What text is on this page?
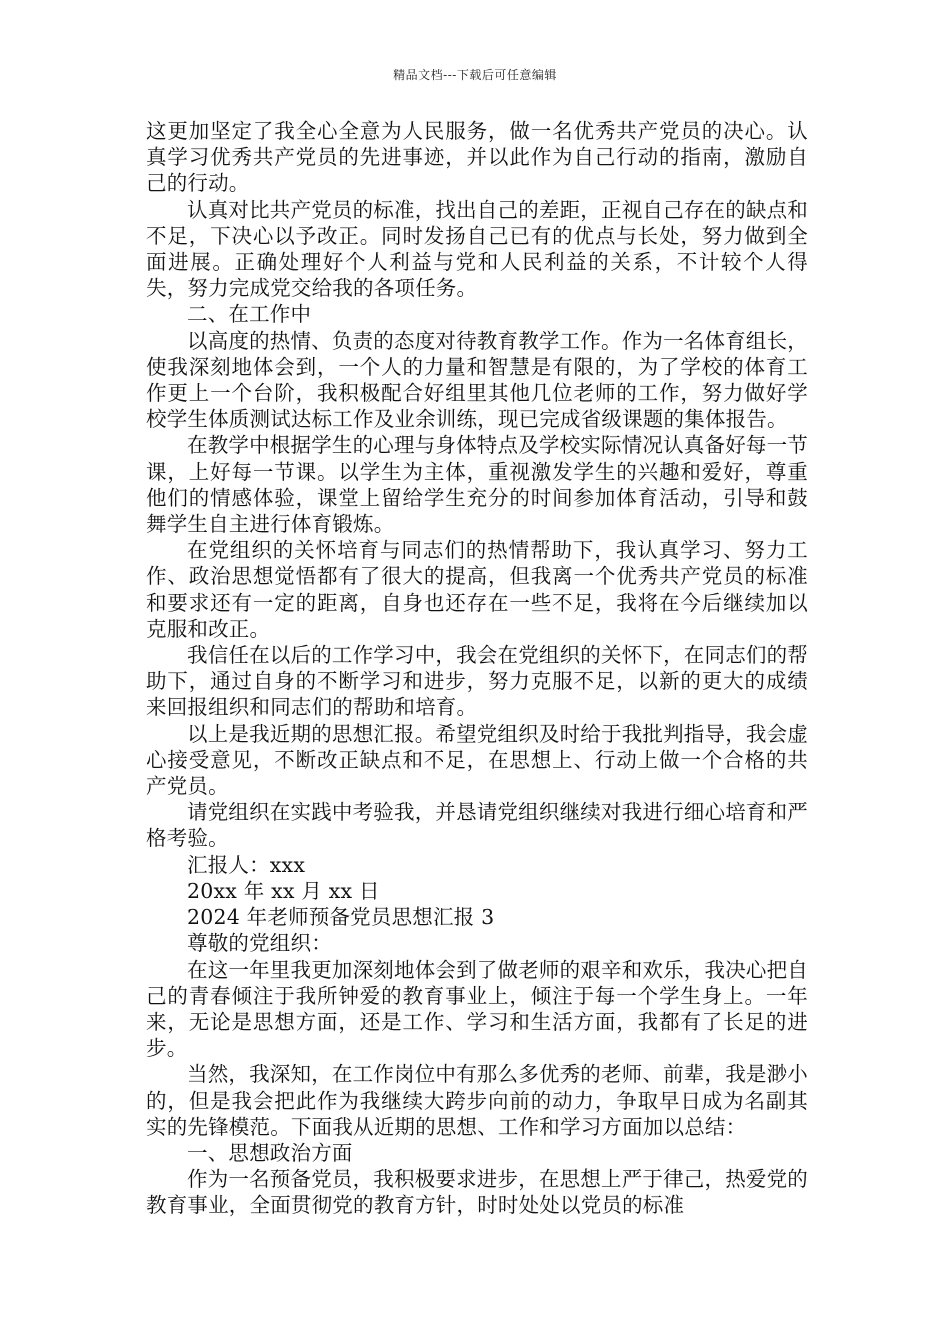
精品文档---下载后可任意编辑

这更加坚定了我全心全意为人民服务，做一名优秀共产党员的决心。认真学习优秀共产党员的先进事迹，并以此作为自己行动的指南，激励自己的行动。

认真对比共产党员的标准，找出自己的差距，正视自己存在的缺点和不足，下决心以予改正。同时发扬自己已有的优点与长处，努力做到全面进展。正确处理好个人利益与党和人民利益的关系，不计较个人得失，努力完成党交给我的各项任务。

二、在工作中

以高度的热情、负责的态度对待教育教学工作。作为一名体育组长，使我深刻地体会到，一个人的力量和智慧是有限的，为了学校的体育工作更上一个台阶，我积极配合好组里其他几位老师的工作，努力做好学校学生体质测试达标工作及业余训练，现已完成省级课题的集体报告。

在教学中根据学生的心理与身体特点及学校实际情况认真备好每一节课，上好每一节课。以学生为主体，重视激发学生的兴趣和爱好，尊重他们的情感体验，课堂上留给学生充分的时间参加体育活动，引导和鼓舞学生自主进行体育锻炼。

在党组织的关怀培育与同志们的热情帮助下，我认真学习、努力工作、政治思想觉悟都有了很大的提高，但我离一个优秀共产党员的标准和要求还有一定的距离，自身也还存在一些不足，我将在今后继续加以克服和改正。

我信任在以后的工作学习中，我会在党组织的关怀下，在同志们的帮助下，通过自身的不断学习和进步，努力克服不足，以新的更大的成绩来回报组织和同志们的帮助和培育。

以上是我近期的思想汇报。希望党组织及时给于我批判指导，我会虚心接受意见，不断改正缺点和不足，在思想上、行动上做一个合格的共产党员。

请党组织在实践中考验我，并恳请党组织继续对我进行细心培育和严格考验。

汇报人：xxx

20xx 年 xx 月 xx 日

2024 年老师预备党员思想汇报 3

尊敬的党组织：

在这一年里我更加深刻地体会到了做老师的艰辛和欢乐，我决心把自己的青春倾注于我所钟爱的教育事业上，倾注于每一个学生身上。一年来，无论是思想方面，还是工作、学习和生活方面，我都有了长足的进步。

当然，我深知，在工作岗位中有那么多优秀的老师、前辈，我是渺小的，但是我会把此作为我继续大跨步向前的动力，争取早日成为名副其实的先锋模范。下面我从近期的思想、工作和学习方面加以总结：

一、思想政治方面

作为一名预备党员，我积极要求进步，在思想上严于律己，热爱党的教育事业，全面贯彻党的教育方针，时时处处以党员的标准
